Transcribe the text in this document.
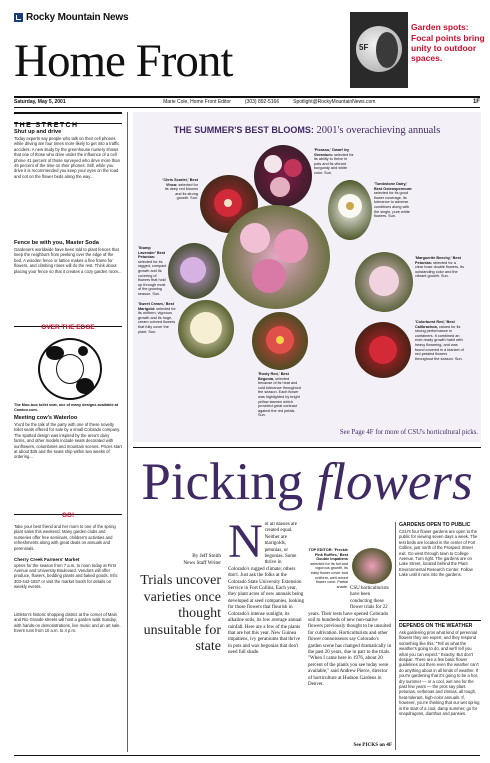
Rocky Mountain News
Home Front	5F
Garden spots:
Focal points bring unity to outdoor spaces.
Saturday, May 5, 2001	Marie Cole, Home Front Editor	(303) 892-5166	Spotlight@RockyMountainNews.com	1F
THE STRETCH
Shut up and drive
Today experts say people who talk on their cell phones while driving are four times more likely to get into a traffic accident. A new study by the greenhouse nursery shows that one of those who drive under the influence of a cell phone 41 percent of those surveyed who drive more than 45 percent of the time on their phones. Still, while you drive it is recommended you keep your eyes on the road and not on the flower beds along the way...
Fence be with you, Master Soda
Gardeners worldwide have been told to plant fences that keep the neighbors from peeking over the edge of the bed. A wooden fence or lattice makes a fine frame for flowers, and climbing roses will do the rest. Think about placing your fence so that it creates a cozy garden room...
OVER THE EDGE
The Moo-boo toilet seat, one of many designs available at Cowtoo.com.
Meeting cow's Waterloo
You'd be the talk of the party with one of these novelty toilet seats offered for sale by a small Colorado company. The spotted design was inspired by the area's dairy farms, and other models include seats decorated with sunflowers, columbines and mountain scenes. Prices start at about $35 and the seats ship within two weeks of ordering...
GO!
Take your best friend and her mom to one of the spring plant sales this weekend. Many garden clubs and nurseries offer free seminars, children's activities and refreshments along with great deals on annuals and perennials.
Cherry Creek Farmers' Market
opens for the season from 7 a.m. to noon today at First Avenue and University Boulevard. Vendors will offer produce, flowers, bedding plants and baked goods. Info: 303-442-1837 or visit the market booth for details on weekly events.
Littleton's historic shopping district at the corner of Main and Rio Grande streets will host a garden walk Sunday, with hands-on demonstrations, live music and an art sale. Event runs from 10 a.m. to 4 p.m.
THE SUMMER'S BEST BLOOMS: 2001's overachieving annuals
'Picasso,' Dwarf Ivy Geranium: selected for its ability to thrive in pots and its vibrant burgundy and white color. Sun.
'Chris Scarlet,' Best Vinca: selected for its deep red blooms and its strong growth. Sun.
'Tombstone Dairy,' Best Osteospermum: selected for its good flower coverage, its tolerance to adverse conditions along with the single, pure white flowers. Sun.
'Stump Lavender' Best Petunias: selected for its ragged, compact growth and its covering of flowers that hold up through most of the growing season. Sun.
'Marguerite Beechy,' Best Petunias: selected for a clear hose double flowers, its outstanding color and the vibrant growth. Sun.
'Sweet Cream,' Best Marigold: selected for its uniform, vigorous growth and its huge, cream colored flowers that fully cover the plant. Sun.
'Colorburst Red,' Best Calibrachoa, valued for its strong performance in containers. It combined an ever-ready growth habit with heavy flowering, and was found covered in a blanket of red-petaled flowers throughout the season. Sun.
'Rusty Red,' Best Begonia, selected because of its heat and cold tolerance throughout the season. Each flower was highlighted by bright yellow stamen which provided great contrast against the red petals. Sun.
See Page 4F for more of CSU's horticultural picks.
Picking flowers
By Jeff Smith
News Staff Writer
Trials uncover varieties once thought unsuitable for state
N ot all daisies are created equal. Neither are marigolds, petunias, or begonias. Some thrive in Colorado's rugged climate; others don't. Just ask the folks at the Colorado State University Extension Service in Fort Collins. Each year, they plant acres of new annuals being developed at seed companies, looking for those flowers that flourish in Colorado's intense sunlight, its alkaline soils, its low average annual rainfall. Here are a few of the plants that are hot this year. New Guinea impatiens, ivy geraniums that thrive in pots and wax begonias that don't need full shade.
TOP EDITOR: 'Freckle Pink Ruffles,' Best Double Impatiens selected for its full and vigorous growth, its early flower cover and uniform, well-mixed flower color. Partial shade. CSU horticulturists have been conducting these flower trials for 22 years. Their tests have opened Colorado soil to hundreds of new non-native flowers previously thought to be unsuited for cultivation. Horticulturists and other flower connoisseurs say Colorado's garden scene has changed dramatically in the past 20 years, due in part to the trials. "When I came here in 1976, about 20 percent of the plants you see today were available," said Andrew Pierce, director of horticulture at Hudson Gardens in Denver.
See PICKS on 4F
GARDENS OPEN TO PUBLIC
CSU's four flower gardens are open to the public for viewing seven days a week. The test beds are located in the center of Fort Collins, just north of the Prospect Street exit. Go west through town to College Avenue. Turn right. The gardens are on Lake Street, located behind the Plant Environmental Research Center. Follow Lake until it runs into the gardens.
DEPENDS ON THE WEATHER
Ask gardening pros what kind of perennial flowers they are expert, and they respond something like this: "Tell us what the weather's going to do, and we'll tell you what you can expect." Exactly. But don't despair. There are a few basic flower guidelines out there even the weather can't do anything about in all kinds of weather. If you're gardening that it's going to be a hot, dry summer — or a cool, wet one for the past few years — the pros say plant petunias, verbenas and zinnias, all tough, heat-tolerant, high-color annuals. If, however, you're thinking that our wet spring is the start of a cool, damp summer, go for snapdragons, dianthus and pansies.
